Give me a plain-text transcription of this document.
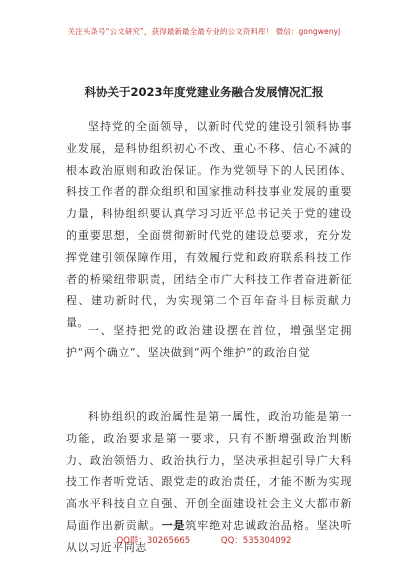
关注头条号“公文研究”，获得最新最全最专业的公文资料库！ 微信：gongwenyj
科协关于2023年度党建业务融合发展情况汇报

坚持党的全面领导，以新时代党的建设引领科协事业发展，是科协组织初心不改、重心不移、信心不减的根本政治原则和政治保证。作为党领导下的人民团体、科技工作者的群众组织和国家推动科技事业发展的重要力量，科协组织要认真学习习近平总书记关于党的建设的重要思想，全面贯彻新时代党的建设总要求，充分发挥党建引领保障作用，有效履行党和政府联系科技工作者的桥梁纽带职责，团结全市广大科技工作者奋进新征程、建功新时代，为实现第二个百年奋斗目标贡献力量。

一、坚持把党的政治建设摆在首位，增强坚定拥护“两个确立”、坚决做到“两个维护”的政治自觉

科协组织的政治属性是第一属性，政治功能是第一功能，政治要求是第一要求，只有不断增强政治判断力、政治领悟力、政治执行力，坚决承担起引导广大科技工作者听党话、跟党走的政治责任，才能不断为实现高水平科技自立自强、开创全面建设社会主义大都市新局面作出新贡献。一是筑牢绝对忠诚政治品格。坚决听从以习近平同志

QQ群：30265665	QQ：535304092
